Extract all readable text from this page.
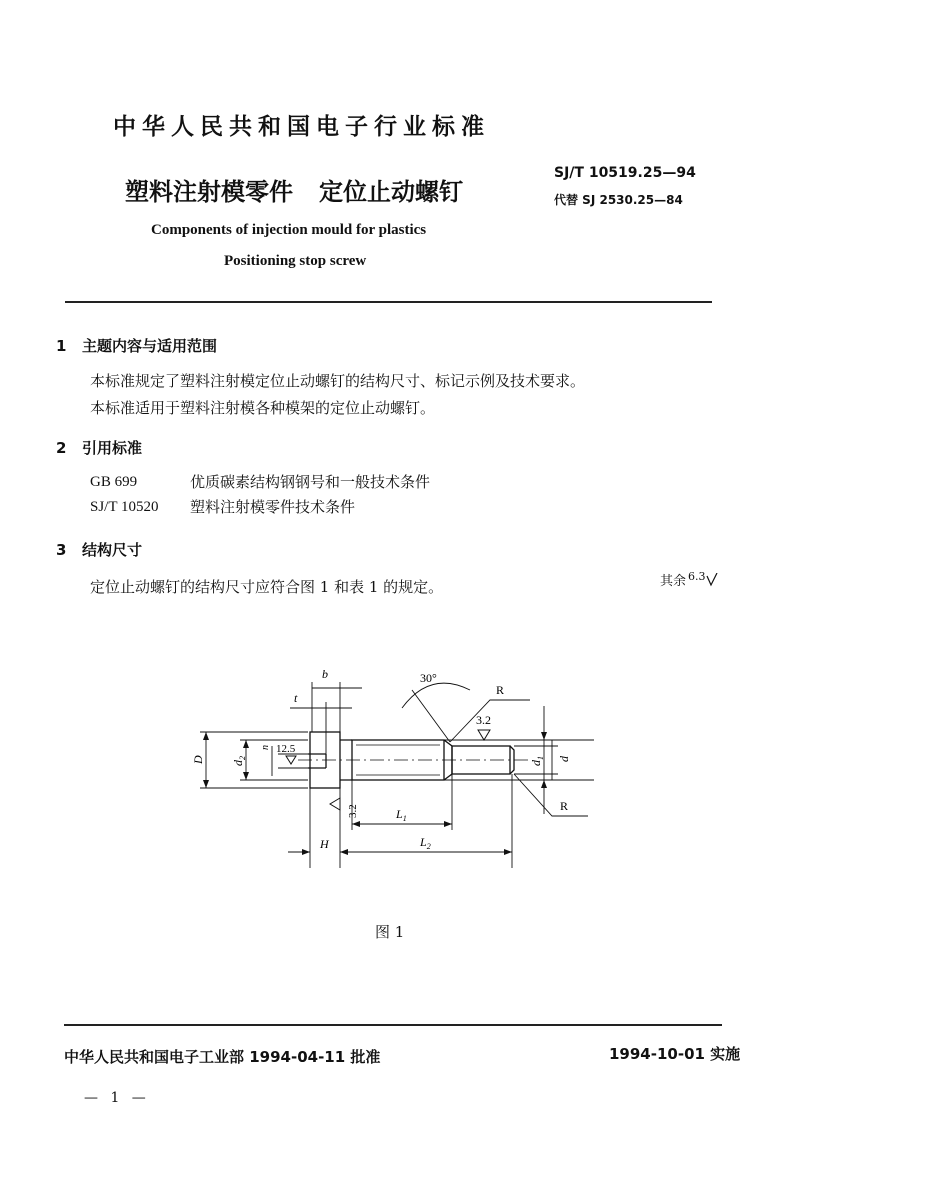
中华人民共和国电子行业标准
塑料注射模零件 定位止动螺钉
SJ/T 10519.25—94
代替 SJ 2530.25—84
Components of injection mould for plastics
Positioning stop screw
1 主题内容与适用范围
本标准规定了塑料注射模定位止动螺钉的结构尺寸、标记示例及技术要求。
本标准适用于塑料注射模各种模架的定位止动螺钉。
2 引用标准
GB 699	优质碳素结构钢钢号和一般技术条件
SJ/T 10520 塑料注射模零件技术条件
3 结构尺寸
定位止动螺钉的结构尺寸应符合图 1 和表 1 的规定。	其余 $^{6.3}$
b
t
30°
R
3.2
12.5
3.2
D $d_2$
n
$d_1$ d
$L_1$
$L_2$
H
R
图 1
中华人民共和国电子工业部 1994-04-11 批准	1994-10-01 实施
— 1 —
